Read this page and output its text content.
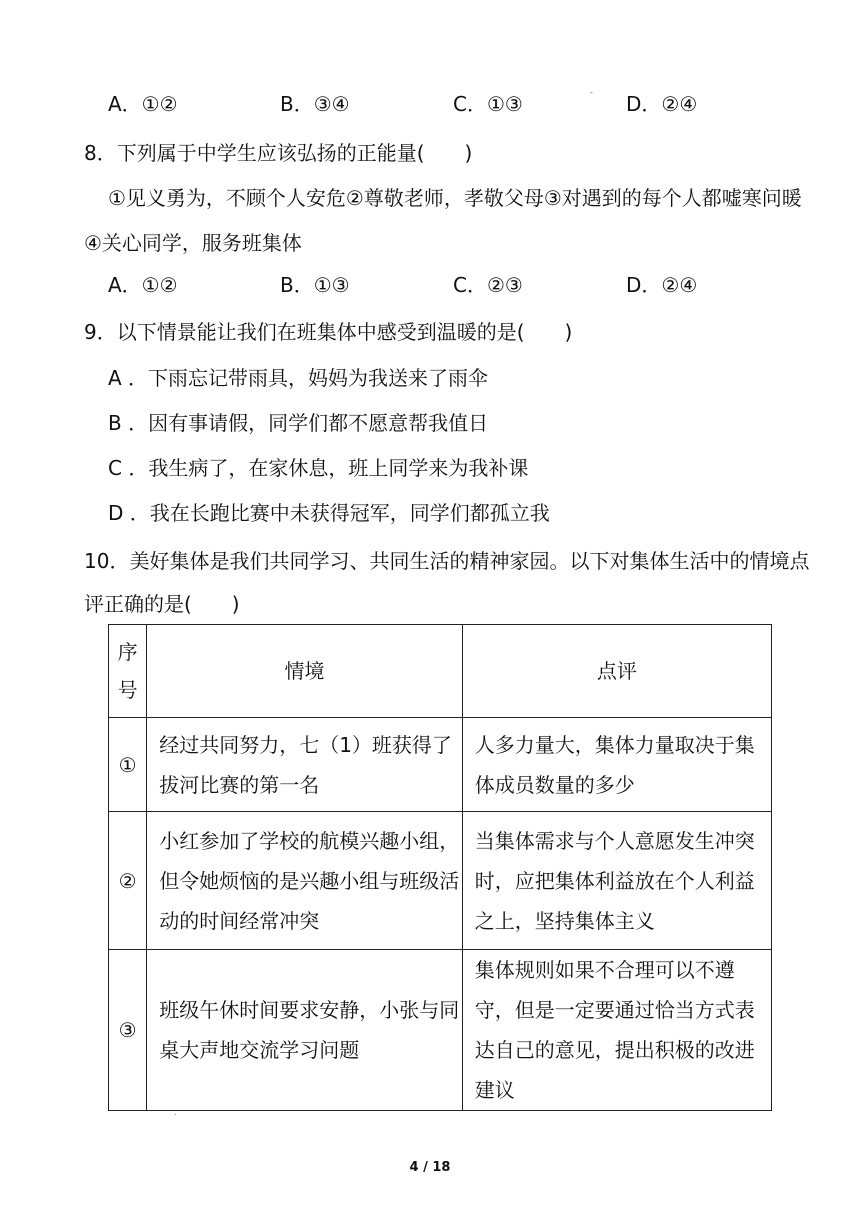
A．①②	B．③④	C．①③	D．②④
-
8．下列属于中学生应该弘扬的正能量(　　)
①见义勇为，不顾个人安危②尊敬老师，孝敬父母③对遇到的每个人都嘘寒问暖
④关心同学，服务班集体
A．①②	B．①③	C．②③	D．②④
9．以下情景能让我们在班集体中感受到温暖的是(　　)
A ．下雨忘记带雨具，妈妈为我送来了雨伞
B ．因有事请假，同学们都不愿意帮我值日
C ．我生病了，在家休息，班上同学来为我补课
D ．我在长跑比赛中未获得冠军，同学们都孤立我
10．美好集体是我们共同学习、共同生活的精神家园。以下对集体生活中的情境点
评正确的是(　　)
序号	情境	点评
①	经过共同努力，七（1）班获得了拔河比赛的第一名	人多力量大，集体力量取决于集体成员数量的多少
②	小红参加了学校的航模兴趣小组，但令她烦恼的是兴趣小组与班级活动的时间经常冲突	当集体需求与个人意愿发生冲突时，应把集体利益放在个人利益之上，坚持集体主义
③	班级午休时间要求安静，小张与同桌大声地交流学习问题	集体规则如果不合理可以不遵守，但是一定要通过恰当方式表达自己的意见，提出积极的改进建议
.
4 / 18
